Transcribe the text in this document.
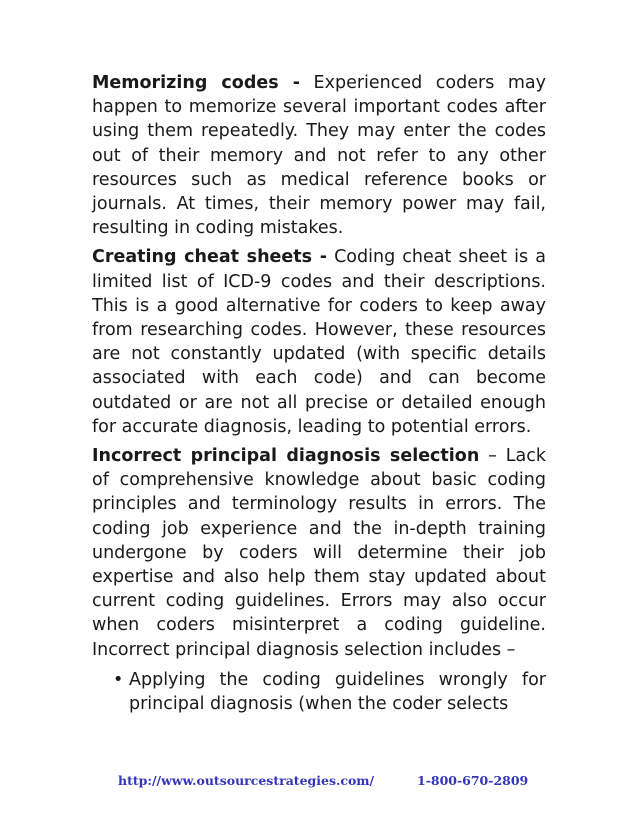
Memorizing codes - Experienced coders may happen to memorize several important codes after using them repeatedly. They may enter the codes out of their memory and not refer to any other resources such as medical reference books or journals. At times, their memory power may fail, resulting in coding mistakes.

Creating cheat sheets - Coding cheat sheet is a limited list of ICD-9 codes and their descriptions. This is a good alternative for coders to keep away from researching codes. However, these resources are not constantly updated (with specific details associated with each code) and can become outdated or are not all precise or detailed enough for accurate diagnosis, leading to potential errors.

Incorrect principal diagnosis selection – Lack of comprehensive knowledge about basic coding principles and terminology results in errors. The coding job experience and the in-depth training undergone by coders will determine their job expertise and also help them stay updated about current coding guidelines. Errors may also occur when coders misinterpret a coding guideline. Incorrect principal diagnosis selection includes –

• Applying the coding guidelines wrongly for principal diagnosis (when the coder selects
http://www.outsourcestrategies.com/	1-800-670-2809
